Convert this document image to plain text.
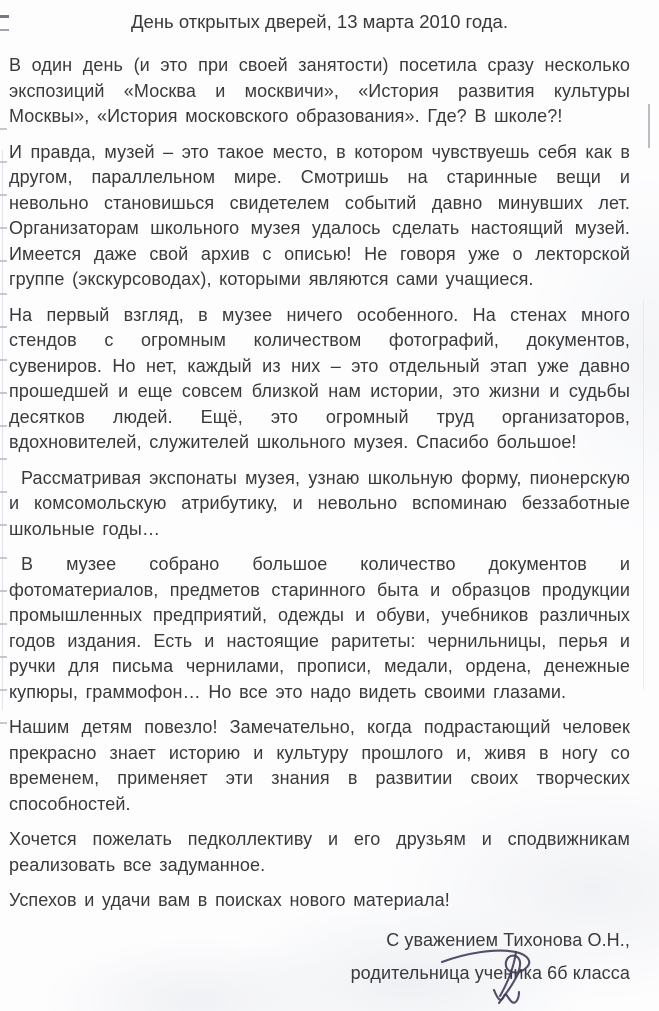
День открытых дверей, 13 марта 2010 года.

В один день (и это при своей занятости) посетила сразу несколько экспозиций «Москва и москвичи», «История развития культуры Москвы», «История московского образования». Где? В школе?!

И правда, музей – это такое место, в котором чувствуешь себя как в другом, параллельном мире. Смотришь на старинные вещи и невольно становишься свидетелем событий давно минувших лет. Организаторам школьного музея удалось сделать настоящий музей. Имеется даже свой архив с описью! Не говоря уже о лекторской группе (экскурсоводах), которыми являются сами учащиеся.

На первый взгляд, в музее ничего особенного. На стенах много стендов с огромным количеством фотографий, документов, сувениров. Но нет, каждый из них – это отдельный этап уже давно прошедшей и еще совсем близкой нам истории, это жизни и судьбы десятков людей. Ещё, это огромный труд организаторов, вдохновителей, служителей школьного музея. Спасибо большое!

Рассматривая экспонаты музея, узнаю школьную форму, пионерскую и комсомольскую атрибутику, и невольно вспоминаю беззаботные школьные годы…

В музее собрано большое количество документов и фотоматериалов, предметов старинного быта и образцов продукции промышленных предприятий, одежды и обуви, учебников различных годов издания. Есть и настоящие раритеты: чернильницы, перья и ручки для письма чернилами, прописи, медали, ордена, денежные купюры, граммофон… Но все это надо видеть своими глазами.

Нашим детям повезло! Замечательно, когда подрастающий человек прекрасно знает историю и культуру прошлого и, живя в ногу со временем, применяет эти знания в развитии своих творческих способностей.

Хочется пожелать педколлективу и его друзьям и сподвижникам реализовать все задуманное.

Успехов и удачи вам в поисках нового материала!

С уважением Тихонова О.Н.,

родительница ученика 6б класса
